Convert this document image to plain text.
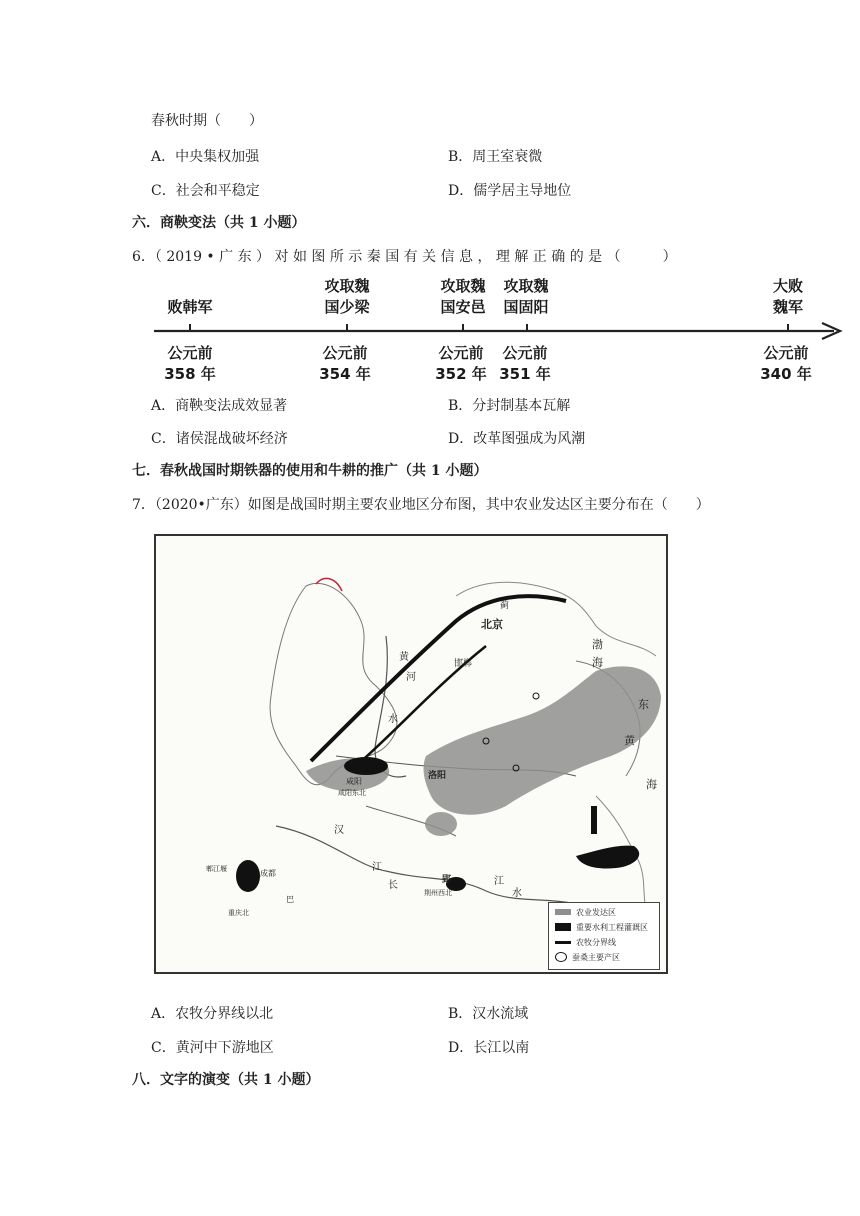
春秋时期（　　）
A．中央集权加强	B．周王室衰微
C．社会和平稳定	D．儒学居主导地位
六．商鞅变法（共 1 小题）
6．（ 2019 • 广 东 ） 对 如 图 所 示 秦 国 有 关 信 息 ， 理 解 正 确 的 是 （　　　）
败韩军
攻取魏
国少梁
攻取魏
国安邑
攻取魏
国固阳
大败
魏军
公元前
358 年
公元前
354 年
公元前
352 年
公元前
351 年
公元前
340 年
A．商鞅变法成效显著	B．分封制基本瓦解
C．诸侯混战破坏经济	D．改革图强成为风潮
七．春秋战国时期铁器的使用和牛耕的推广（共 1 小题）
7．（2020•广东）如图是战国时期主要农业地区分布图，其中农业发达区主要分布在（　　）
北京
蓟
渤
海
黄
河
水
邯郸
洛阳
咸阳
咸阳东北
东
黄
海
汉
江
长	江
水
成都
郫江堰
重庆北
巴
郢
荆州西北
农业发达区
重要水利工程灌溉区
农牧分界线
蚕桑主要产区
A．农牧分界线以北	B．汉水流域
C．黄河中下游地区	D．长江以南
八．文字的演变（共 1 小题）
